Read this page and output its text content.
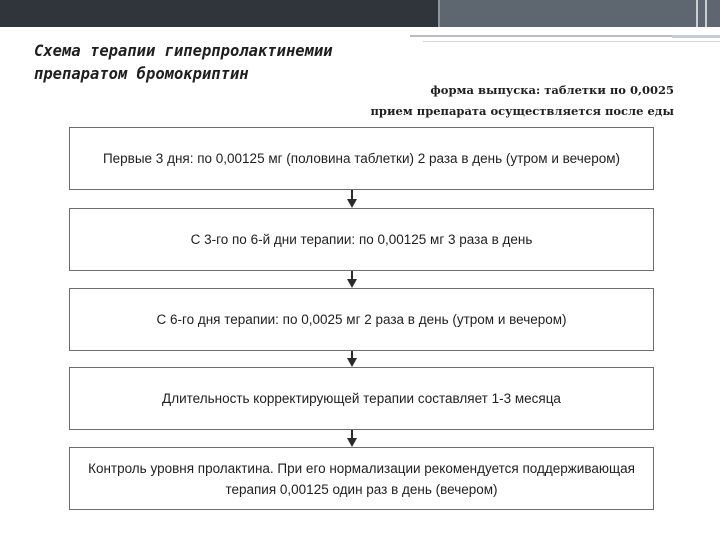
Схема терапии гиперпролактинемии
препаратом бромокриптин
форма выпуска: таблетки по 0,0025
прием препарата осуществляется после еды
Первые 3 дня: по 0,00125 мг (половина таблетки) 2 раза в день (утром и вечером)
С 3-го по 6-й дни терапии: по 0,00125 мг 3 раза в день
С 6-го дня терапии: по 0,0025 мг 2 раза в день (утром и вечером)
Длительность корректирующей терапии составляет 1-3 месяца
Контроль уровня пролактина. При его нормализации рекомендуется поддерживающая терапия 0,00125 один раз в день (вечером)
